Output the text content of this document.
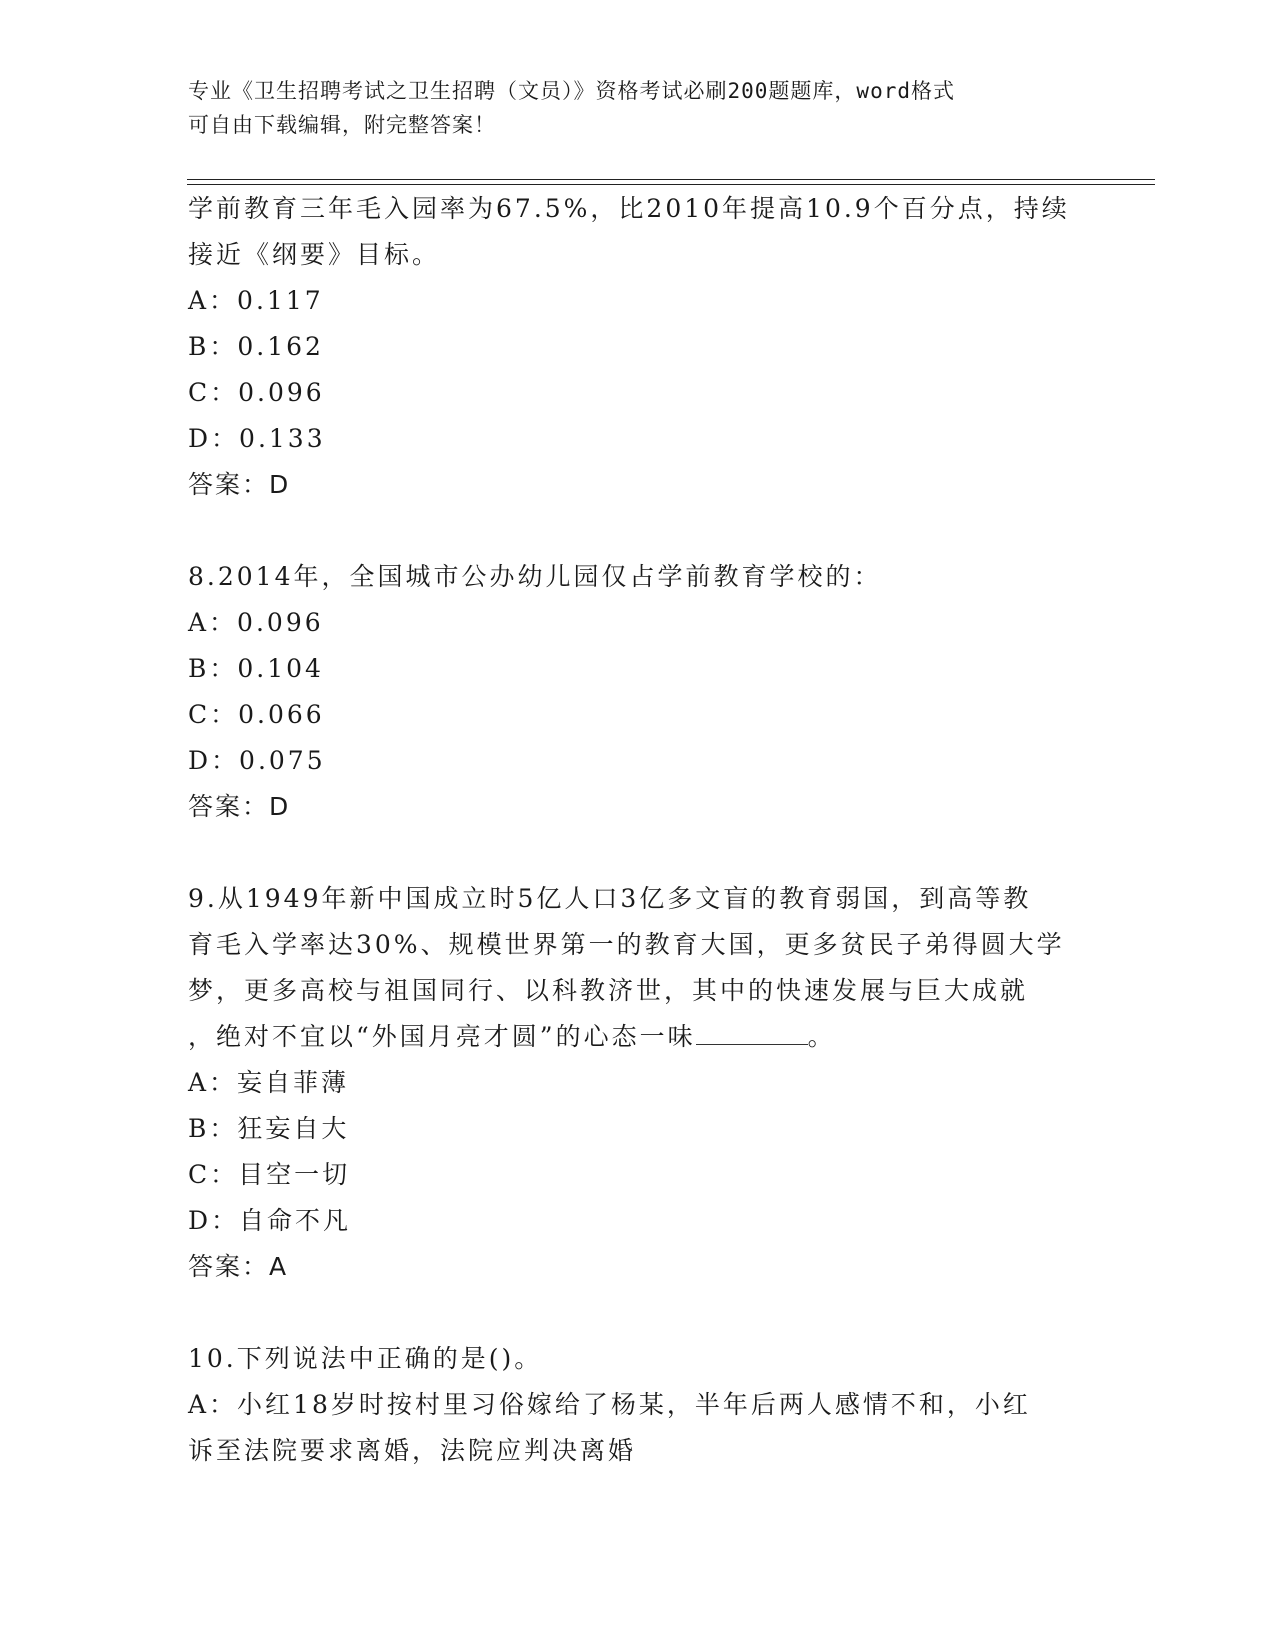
专业《卫生招聘考试之卫生招聘（文员）》资格考试必刷200题题库，word格式
可自由下载编辑，附完整答案！
学前教育三年毛入园率为67.5%，比2010年提高10.9个百分点，持续
接近《纲要》目标。
A：0.117
B：0.162
C：0.096
D：0.133
答案：D
8.2014年，全国城市公办幼儿园仅占学前教育学校的：
A：0.096
B：0.104
C：0.066
D：0.075
答案：D
9.从1949年新中国成立时5亿人口3亿多文盲的教育弱国，到高等教
育毛入学率达30%、规模世界第一的教育大国，更多贫民子弟得圆大学
梦，更多高校与祖国同行、以科教济世，其中的快速发展与巨大成就
，绝对不宜以“外国月亮才圆”的心态一味	。
A：妄自菲薄
B：狂妄自大
C：目空一切
D：自命不凡
答案：A
10.下列说法中正确的是()。
A：小红18岁时按村里习俗嫁给了杨某，半年后两人感情不和，小红
诉至法院要求离婚，法院应判决离婚
